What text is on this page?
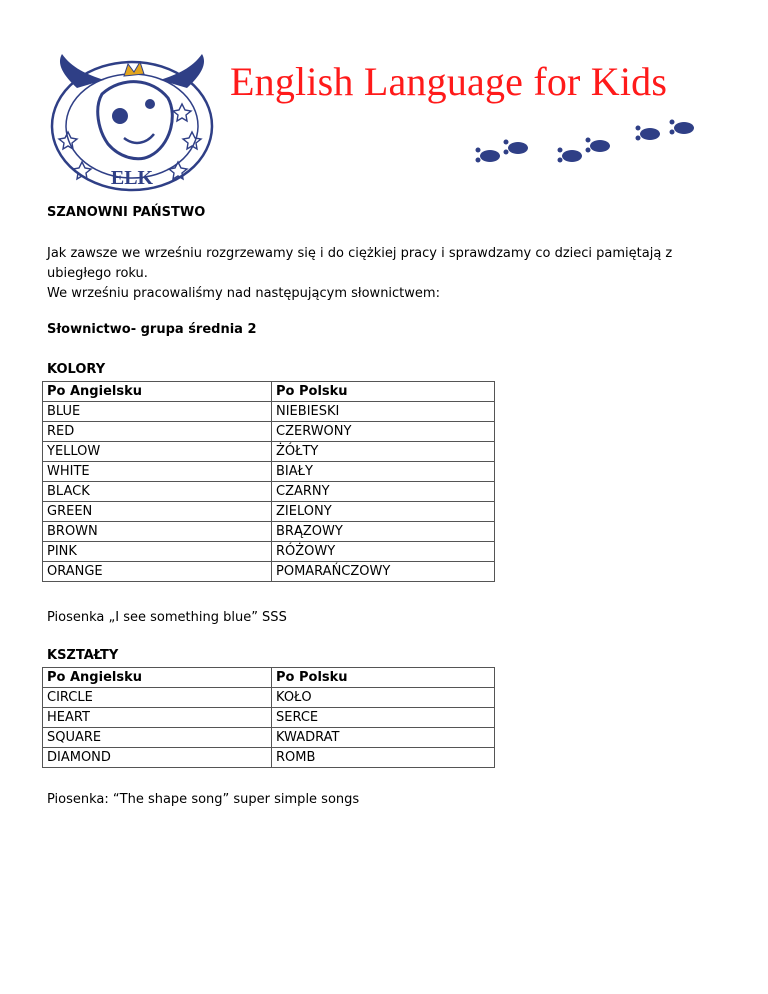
ELK
English Language for Kids
SZANOWNI PAŃSTWO

Jak zawsze we wrześniu rozgrzewamy się i do ciężkiej pracy i sprawdzamy co dzieci pamiętają z ubiegłego roku.

We wrześniu pracowaliśmy nad następującym słownictwem:

Słownictwo- grupa średnia 2
KOLORY
Po Angielsku	Po Polsku
BLUE	NIEBIESKI
RED	CZERWONY
YELLOW	ŻÓŁTY
WHITE	BIAŁY
BLACK	CZARNY
GREEN	ZIELONY
BROWN	BRĄZOWY
PINK	RÓŻOWY
ORANGE	POMARAŃCZOWY
Piosenka „I see something blue” SSS
KSZTAŁTY
Po Angielsku	Po Polsku
CIRCLE	KOŁO
HEART	SERCE
SQUARE	KWADRAT
DIAMOND	ROMB
Piosenka: “The shape song” super simple songs
